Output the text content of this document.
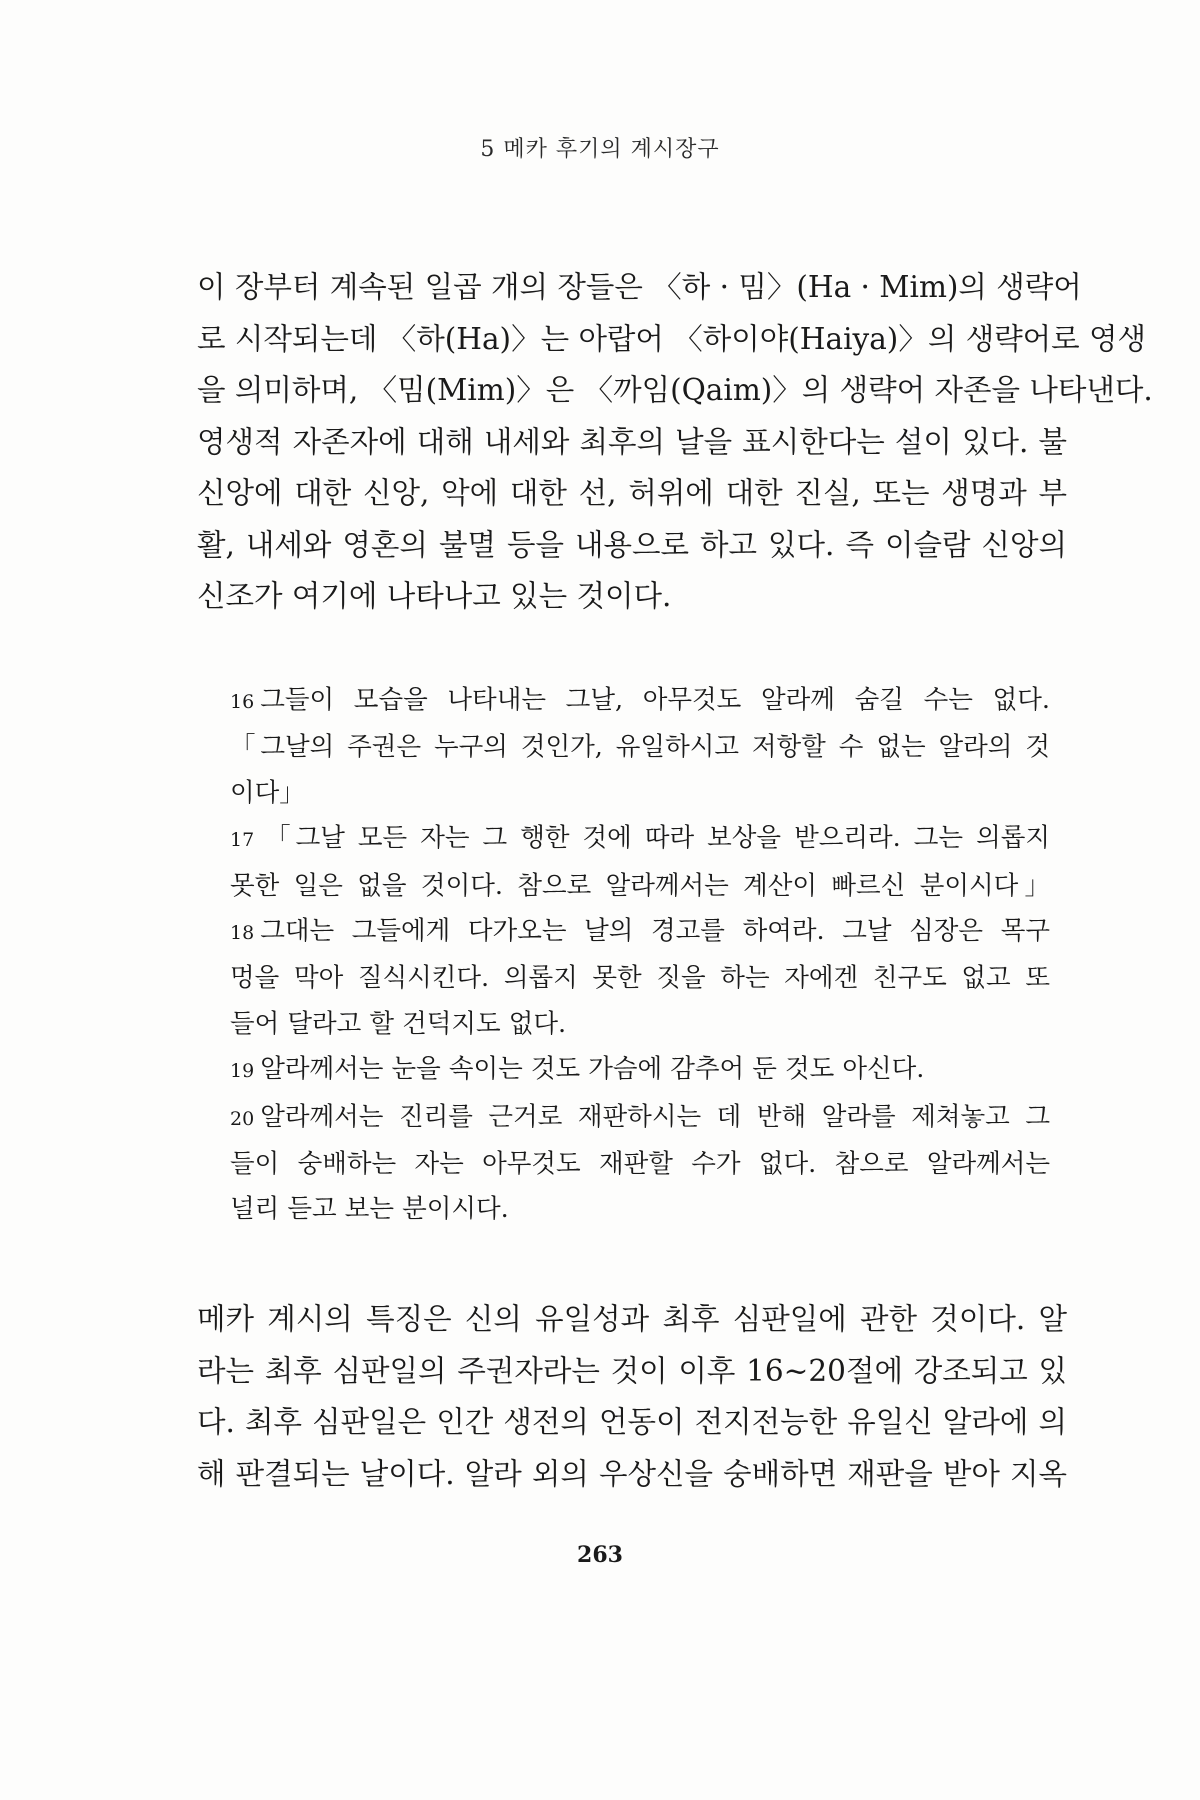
5 메카 후기의 계시장구
이 장부터 계속된 일곱 개의 장들은 〈하 · 밈〉(Ha · Mim)의 생략어
로 시작되는데 〈하(Ha)〉는 아랍어 〈하이야(Haiya)〉의 생략어로 영생
을 의미하며, 〈밈(Mim)〉은 〈까임(Qaim)〉의 생략어 자존을 나타낸다.
영생적 자존자에 대해 내세와 최후의 날을 표시한다는 설이 있다. 불
신앙에 대한 신앙, 악에 대한 선, 허위에 대한 진실, 또는 생명과 부
활, 내세와 영혼의 불멸 등을 내용으로 하고 있다. 즉 이슬람 신앙의
신조가 여기에 나타나고 있는 것이다.
16 그들이 모습을 나타내는 그날, 아무것도 알라께 숨길 수는 없다.
「그날의 주권은 누구의 것인가, 유일하시고 저항할 수 없는 알라의 것
이다」
17 「그날 모든 자는 그 행한 것에 따라 보상을 받으리라. 그는 의롭지
못한 일은 없을 것이다. 참으로 알라께서는 계산이 빠르신 분이시다」
18 그대는 그들에게 다가오는 날의 경고를 하여라. 그날 심장은 목구
멍을 막아 질식시킨다. 의롭지 못한 짓을 하는 자에겐 친구도 없고 또
들어 달라고 할 건덕지도 없다.
19 알라께서는 눈을 속이는 것도 가슴에 감추어 둔 것도 아신다.
20 알라께서는 진리를 근거로 재판하시는 데 반해 알라를 제쳐놓고 그
들이 숭배하는 자는 아무것도 재판할 수가 없다. 참으로 알라께서는
널리 듣고 보는 분이시다.
메카 계시의 특징은 신의 유일성과 최후 심판일에 관한 것이다. 알
라는 최후 심판일의 주권자라는 것이 이후 16~20절에 강조되고 있
다. 최후 심판일은 인간 생전의 언동이 전지전능한 유일신 알라에 의
해 판결되는 날이다. 알라 외의 우상신을 숭배하면 재판을 받아 지옥
263
